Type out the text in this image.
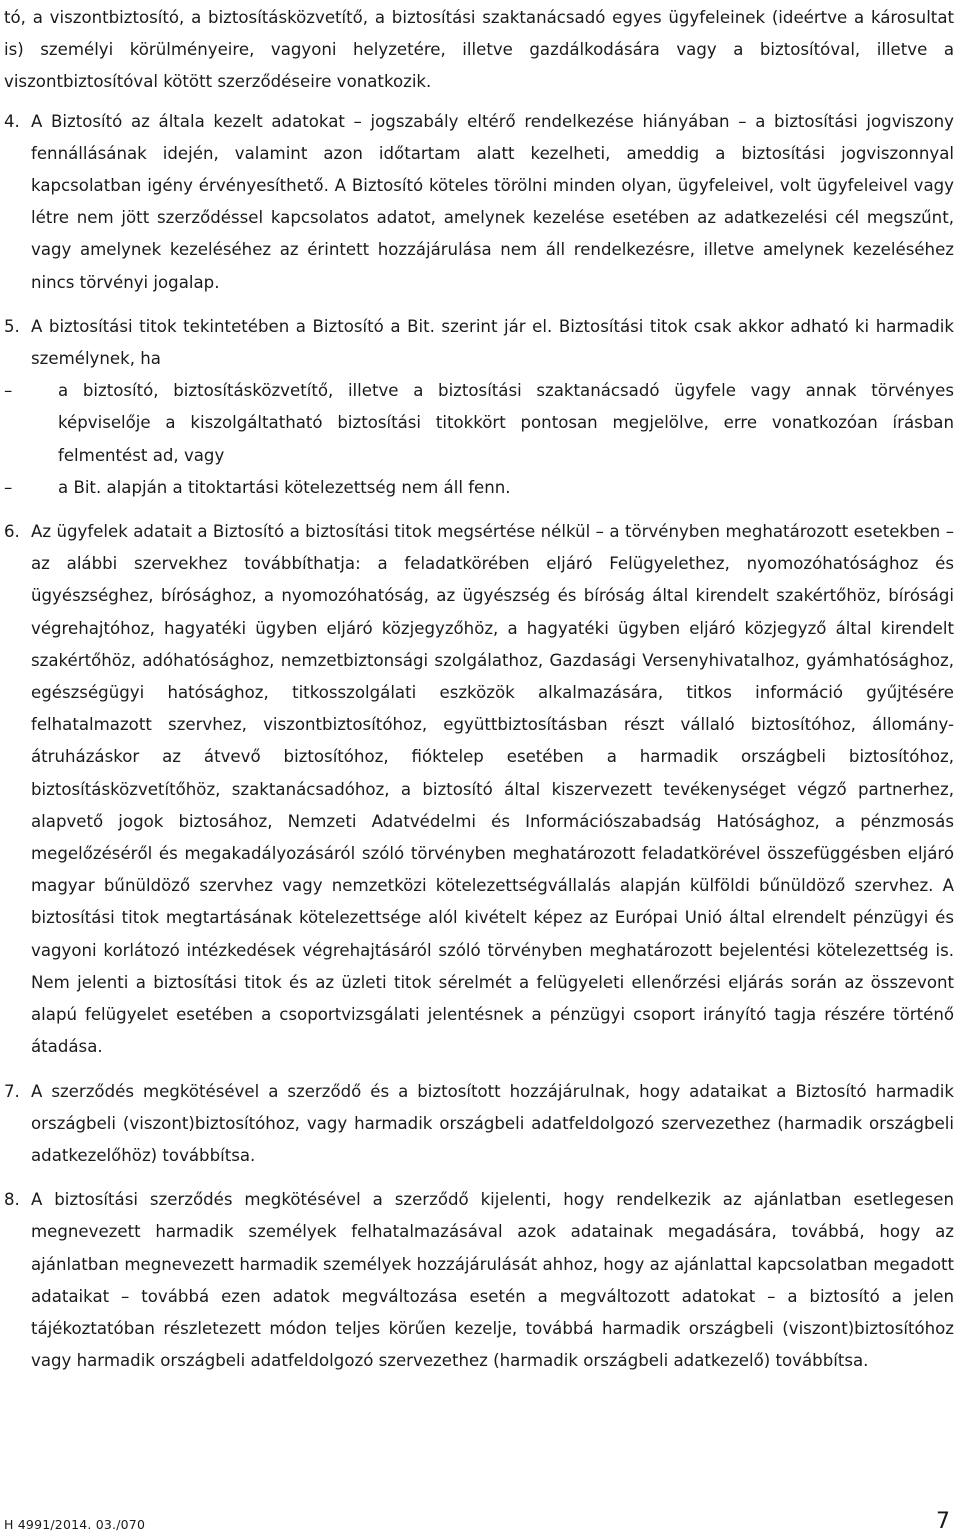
tó, a viszontbiztosító, a biztosításközvetítő, a biztosítási szaktanácsadó egyes ügyfeleinek (ideértve a károsultat is) személyi körülményeire, vagyoni helyzetére, illetve gazdálkodására vagy a biztosítóval, illetve a viszontbiztosítóval kötött szerződéseire vonatkozik.

4. A Biztosító az általa kezelt adatokat – jogszabály eltérő rendelkezése hiányában – a biztosítási jogviszony fennállásának idején, valamint azon időtartam alatt kezelheti, ameddig a biztosítási jogviszonnyal kapcsolatban igény érvényesíthető. A Biztosító köteles törölni minden olyan, ügyfeleivel, volt ügyfeleivel vagy létre nem jött szerződéssel kapcsolatos adatot, amelynek kezelése esetében az adatkezelési cél megszűnt, vagy amelynek kezeléséhez az érintett hozzájárulása nem áll rendelkezésre, illetve amelynek kezeléséhez nincs törvényi jogalap.
5. A biztosítási titok tekintetében a Biztosító a Bit. szerint jár el. Biztosítási titok csak akkor adható ki harmadik személynek, ha
–	a biztosító, biztosításközvetítő, illetve a biztosítási szaktanácsadó ügyfele vagy annak törvényes képviselője a kiszolgáltatható biztosítási titokkört pontosan megjelölve, erre vonatkozóan írásban felmentést ad, vagy
–	a Bit. alapján a titoktartási kötelezettség nem áll fenn.
6. Az ügyfelek adatait a Biztosító a biztosítási titok megsértése nélkül – a törvényben meghatározott esetekben – az alábbi szervekhez továbbíthatja: a feladatkörében eljáró Felügyelethez, nyomozóhatósághoz és ügyészséghez, bírósághoz, a nyomozóhatóság, az ügyészség és bíróság által kirendelt szakértőhöz, bírósági végrehajtóhoz, hagyatéki ügyben eljáró közjegyzőhöz, a hagyatéki ügyben eljáró közjegyző által kirendelt szakértőhöz, adóhatósághoz, nemzetbiztonsági szolgálathoz, Gazdasági Versenyhivatalhoz, gyámhatósághoz, egészségügyi hatósághoz, titkosszolgálati eszközök alkalmazására, titkos információ gyűjtésére felhatalmazott szervhez, viszontbiztosítóhoz, együttbiztosításban részt vállaló biztosítóhoz, állomány-átruházáskor az átvevő biztosítóhoz, fióktelep esetében a harmadik országbeli biztosítóhoz, biztosításközvetítőhöz, szaktanácsadóhoz, a biztosító által kiszervezett tevékenységet végző partnerhez, alapvető jogok biztosához, Nemzeti Adatvédelmi és Információszabadság Hatósághoz, a pénzmosás megelőzéséről és megakadályozásáról szóló törvényben meghatározott feladatkörével összefüggésben eljáró magyar bűnüldöző szervhez vagy nemzetközi kötelezettségvállalás alapján külföldi bűnüldöző szervhez. A biztosítási titok megtartásának kötelezettsége alól kivételt képez az Európai Unió által elrendelt pénzügyi és vagyoni korlátozó intézkedések végrehajtásáról szóló törvényben meghatározott bejelentési kötelezettség is. Nem jelenti a biztosítási titok és az üzleti titok sérelmét a felügyeleti ellenőrzési eljárás során az összevont alapú felügyelet esetében a csoportvizsgálati jelentésnek a pénzügyi csoport irányító tagja részére történő átadása.
7. A szerződés megkötésével a szerződő és a biztosított hozzájárulnak, hogy adataikat a Biztosító harmadik országbeli (viszont)biztosítóhoz, vagy harmadik országbeli adatfeldolgozó szervezethez (harmadik országbeli adatkezelőhöz) továbbítsa.
8. A biztosítási szerződés megkötésével a szerződő kijelenti, hogy rendelkezik az ajánlatban esetlegesen megnevezett harmadik személyek felhatalmazásával azok adatainak megadására, továbbá, hogy az ajánlatban megnevezett harmadik személyek hozzájárulását ahhoz, hogy az ajánlattal kapcsolatban megadott adataikat – továbbá ezen adatok megváltozása esetén a megváltozott adatokat – a biztosító a jelen tájékoztatóban részletezett módon teljes körűen kezelje, továbbá harmadik országbeli (viszont)biztosítóhoz vagy harmadik országbeli adatfeldolgozó szervezethez (harmadik országbeli adatkezelő) továbbítsa.
H 4991/2014. 03./070	7
